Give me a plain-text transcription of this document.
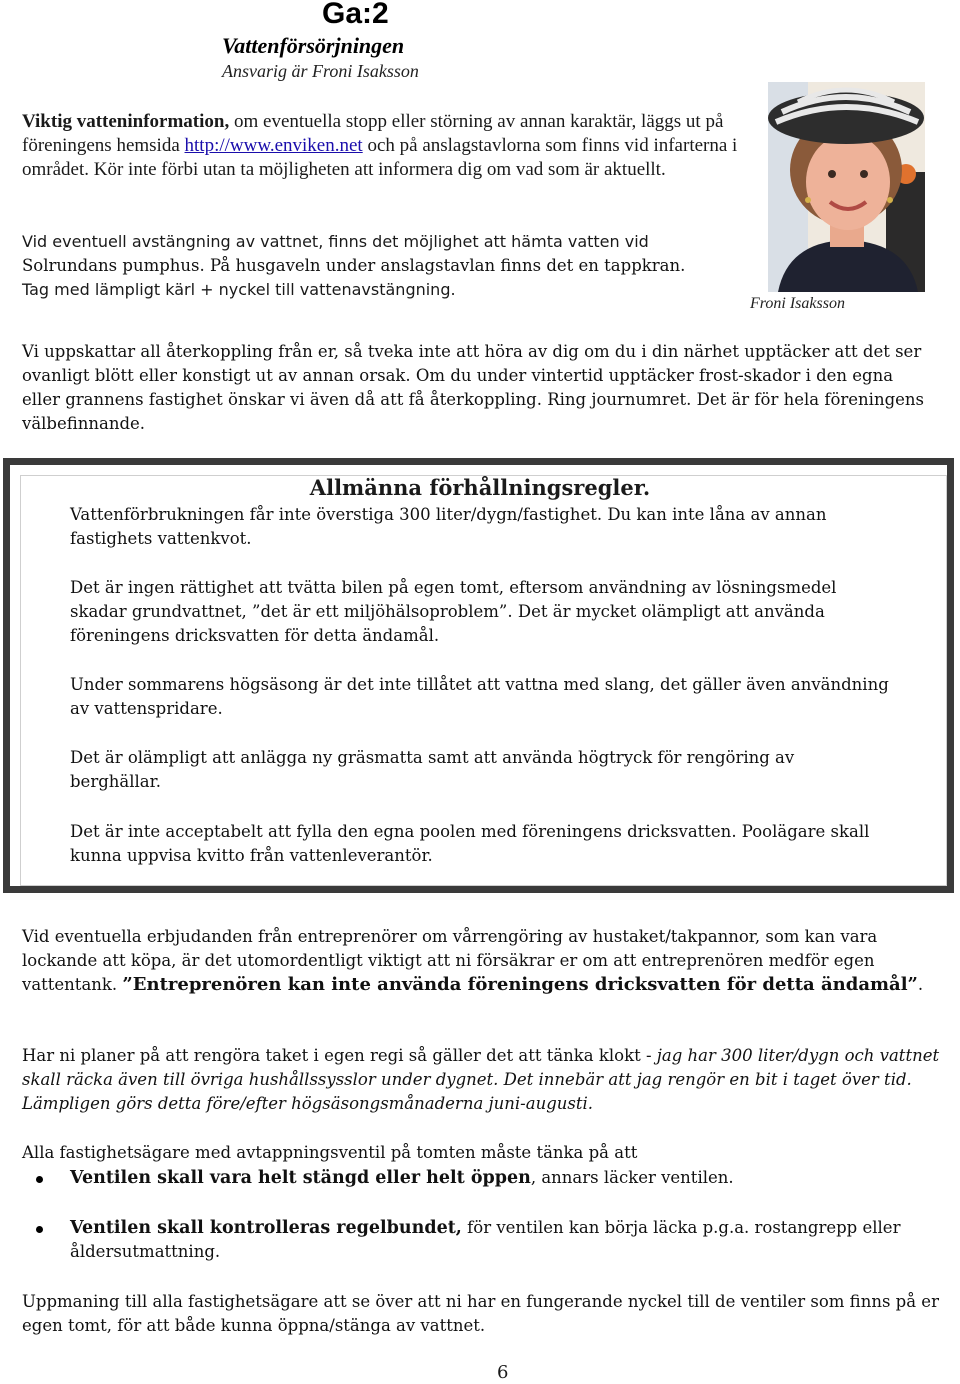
Ga:2
Vattenförsörjningen
Ansvarig är Froni Isaksson
Viktig vatteninformation, om eventuella stopp eller störning av annan karaktär, läggs ut på föreningens hemsida http://www.enviken.net och på anslagstavlorna som finns vid infarterna i området. Kör inte förbi utan ta möjligheten att informera dig om vad som är aktuellt.
Vid eventuell avstängning av vattnet, finns det möjlighet att hämta vatten vid
Solrundans pumphus. På husgaveln under anslagstavlan finns det en tappkran.
Tag med lämpligt kärl + nyckel till vattenavstängning.
Froni Isaksson
Vi uppskattar all återkoppling från er, så tveka inte att höra av dig om du i din närhet upptäcker att det ser ovanligt blött eller konstigt ut av annan orsak. Om du under vintertid upptäcker frost-skador i den egna eller grannens fastighet önskar vi även då att få återkoppling. Ring journumret. Det är för hela föreningens välbefinnande.
Allmänna förhållningsregler.
Vattenförbrukningen får inte överstiga 300 liter/dygn/fastighet. Du kan inte låna av annan fastighets vattenkvot.
Det är ingen rättighet att tvätta bilen på egen tomt, eftersom användning av lösningsmedel skadar grundvattnet, ”det är ett miljöhälsoproblem”. Det är mycket olämpligt att använda föreningens dricksvatten för detta ändamål.
Under sommarens högsäsong är det inte tillåtet att vattna med slang, det gäller även användning av vattenspridare.
Det är olämpligt att anlägga ny gräsmatta samt att använda högtryck för rengöring av berghällar.
Det är inte acceptabelt att fylla den egna poolen med föreningens dricksvatten. Poolägare skall kunna uppvisa kvitto från vattenleverantör.
Vid eventuella erbjudanden från entreprenörer om vårrengöring av hustaket/takpannor, som kan vara lockande att köpa, är det utomordentligt viktigt att ni försäkrar er om att entreprenören medför egen vattentank. ”Entreprenören kan inte använda föreningens dricksvatten för detta ändamål”.
Har ni planer på att rengöra taket i egen regi så gäller det att tänka klokt - jag har 300 liter/dygn och vattnet skall räcka även till övriga hushållssysslor under dygnet. Det innebär att jag rengör en bit i taget över tid. Lämpligen görs detta före/efter högsäsongsmånaderna juni-augusti.
Alla fastighetsägare med avtappningsventil på tomten måste tänka på att
Ventilen skall vara helt stängd eller helt öppen, annars läcker ventilen.
Ventilen skall kontrolleras regelbundet, för ventilen kan börja läcka p.g.a. rostangrepp eller åldersutmattning.
Uppmaning till alla fastighetsägare att se över att ni har en fungerande nyckel till de ventiler som finns på er egen tomt, för att både kunna öppna/stänga av vattnet.
6
